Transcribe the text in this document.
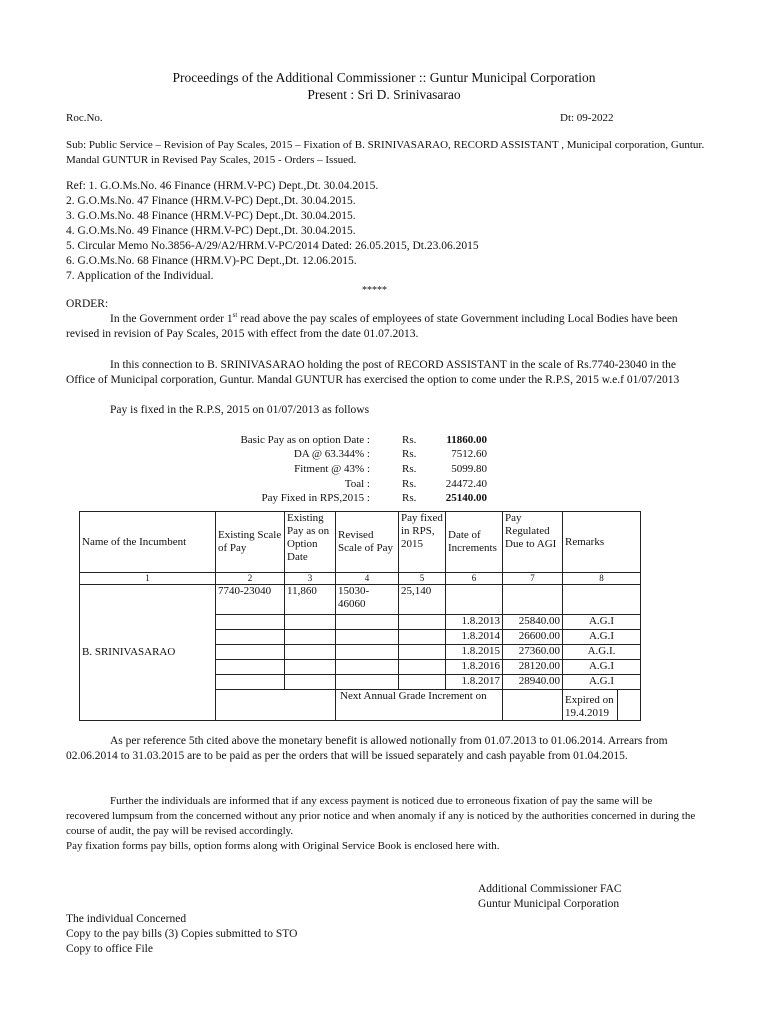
Proceedings of the Additional Commissioner :: Guntur Municipal Corporation
Present : Sri D. Srinivasarao
Roc.No.	Dt: 09-2022
Sub: Public Service – Revision of Pay Scales, 2015 – Fixation of B. SRINIVASARAO, RECORD ASSISTANT , Municipal corporation, Guntur. Mandal GUNTUR in Revised Pay Scales, 2015 - Orders – Issued.
Ref: 1. G.O.Ms.No. 46 Finance (HRM.V-PC) Dept.,Dt. 30.04.2015.
2. G.O.Ms.No. 47 Finance (HRM.V-PC) Dept.,Dt. 30.04.2015.
3. G.O.Ms.No. 48 Finance (HRM.V-PC) Dept.,Dt. 30.04.2015.
4. G.O.Ms.No. 49 Finance (HRM.V-PC) Dept.,Dt. 30.04.2015.
5. Circular Memo No.3856-A/29/A2/HRM.V-PC/2014 Dated: 26.05.2015, Dt.23.06.2015
6. G.O.Ms.No. 68 Finance (HRM.V)-PC Dept.,Dt. 12.06.2015.
7. Application of the Individual.
*****
ORDER:
In the Government order 1st read above the pay scales of employees of state Government including Local Bodies have been revised in revision of Pay Scales, 2015 with effect from the date 01.07.2013.
In this connection to B. SRINIVASARAO holding the post of RECORD ASSISTANT in the scale of Rs.7740-23040 in the Office of Municipal corporation, Guntur. Mandal GUNTUR has exercised the option to come under the R.P.S, 2015 w.e.f 01/07/2013
Pay is fixed in the R.P.S, 2015 on 01/07/2013 as follows
Basic Pay as on option Date :	Rs.	11860.00
DA @ 63.344% :	Rs.	7512.60
Fitment @ 43% :	Rs.	5099.80
Toal :	Rs.	24472.40
Pay Fixed in RPS,2015 :	Rs.	25140.00
Name of the Incumbent	Existing Scale of Pay	Existing Pay as on Option Date	Revised Scale of Pay	Pay fixed in RPS, 2015	Date of Increments	Pay Regulated Due to AGI	Remarks
1	2	3	4	5	6	7	8
B. SRINIVASARAO	7740-23040	11,860	15030-46060	25,140			
					1.8.2013	25840.00	A.G.I
					1.8.2014	26600.00	A.G.I
					1.8.2015	27360.00	A.G.I.
					1.8.2016	28120.00	A.G.I
					1.8.2017	28940.00	A.G.I
			Next Annual Grade Increment on				Expired on 19.4.2019
As per reference 5th cited above the monetary benefit is allowed notionally from 01.07.2013 to 01.06.2014. Arrears from 02.06.2014 to 31.03.2015 are to be paid as per the orders that will be issued separately and cash payable from 01.04.2015.
Further the individuals are informed that if any excess payment is noticed due to erroneous fixation of pay the same will be recovered lumpsum from the concerned without any prior notice and when anomaly if any is noticed by the authorities concerned in during the course of audit, the pay will be revised accordingly.
Pay fixation forms pay bills, option forms along with Original Service Book is enclosed here with.
Additional Commissioner FAC
Guntur Municipal Corporation
The individual Concerned
Copy to the pay bills (3) Copies submitted to STO
Copy to office File
